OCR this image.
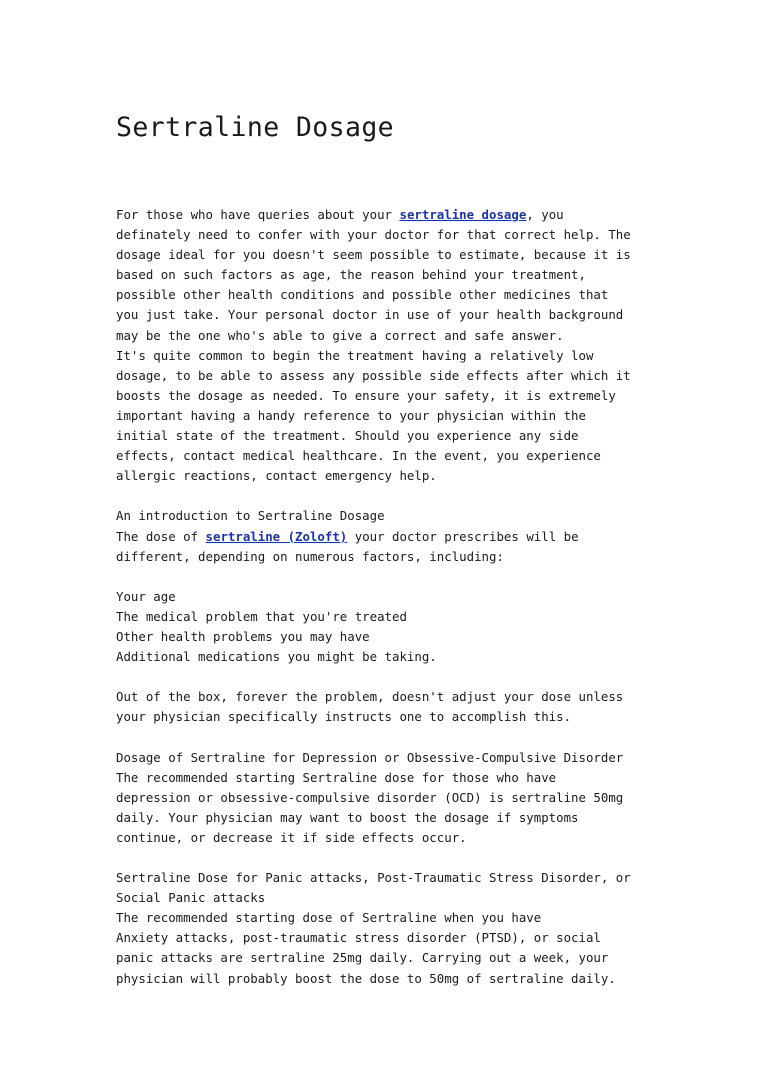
Sertraline Dosage
For those who have queries about your sertraline dosage, you
definately need to confer with your doctor for that correct help. The
dosage ideal for you doesn't seem possible to estimate, because it is
based on such factors as age, the reason behind your treatment,
possible other health conditions and possible other medicines that
you just take. Your personal doctor in use of your health background
may be the one who's able to give a correct and safe answer.
It's quite common to begin the treatment having a relatively low
dosage, to be able to assess any possible side effects after which it
boosts the dosage as needed. To ensure your safety, it is extremely
important having a handy reference to your physician within the
initial state of the treatment. Should you experience any side
effects, contact medical healthcare. In the event, you experience
allergic reactions, contact emergency help.
An introduction to Sertraline Dosage
The dose of sertraline (Zoloft) your doctor prescribes will be
different, depending on numerous factors, including:
Your age
The medical problem that you're treated
Other health problems you may have
Additional medications you might be taking.
Out of the box, forever the problem, doesn't adjust your dose unless
your physician specifically instructs one to accomplish this.
Dosage of Sertraline for Depression or Obsessive-Compulsive Disorder
The recommended starting Sertraline dose for those who have
depression or obsessive-compulsive disorder (OCD) is sertraline 50mg
daily. Your physician may want to boost the dosage if symptoms
continue, or decrease it if side effects occur.
Sertraline Dose for Panic attacks, Post-Traumatic Stress Disorder, or
Social Panic attacks
The recommended starting dose of Sertraline when you have
Anxiety attacks, post-traumatic stress disorder (PTSD), or social
panic attacks are sertraline 25mg daily. Carrying out a week, your
physician will probably boost the dose to 50mg of sertraline daily.
